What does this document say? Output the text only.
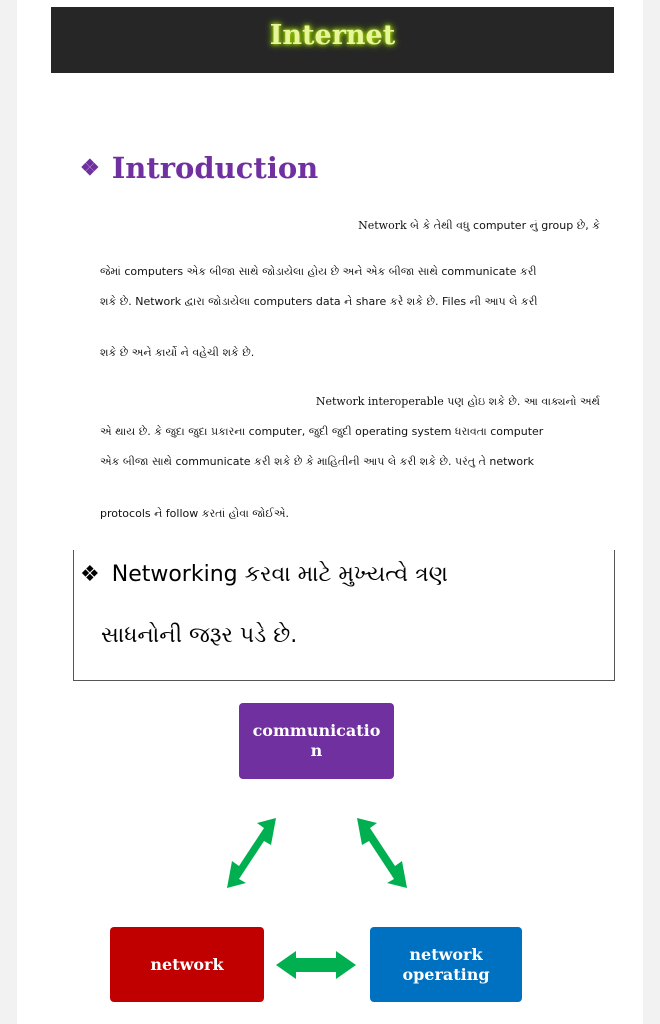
Internet
❖ Introduction
Network બે કે તેથી વધુ computer નું group છે, કે
જેમાં computers એક બીજા સાથે જોડાયેલા હોય છે અને એક બીજા સાથે communicate કરી
શકે છે. Network દ્વારા જોડાયેલા computers data ને share કરે શકે છે. Files ની આપ લે કરી
શકે છે અને કાર્યો ને વહેચી શકે છે.
Network interoperable પણ હોઇ શકે છે. આ વાક્યનો અર્થ
એ થાય છે. કે જુદા જુદા પ્રકારના computer, જુદી જુદી operating system ધરાવતા computer
એક બીજા સાથે communicate કરી શકે છે કે માહિતીની આપ લે કરી શકે છે. પરંતુ તે network
protocols ને follow કરતાં હોવા જોઈએ.
❖ Networking કરવા માટે મુખ્યત્વે ત્રણ
સાધનોની જરૂર પડે છે.
communicatio
n
network
network
operating
